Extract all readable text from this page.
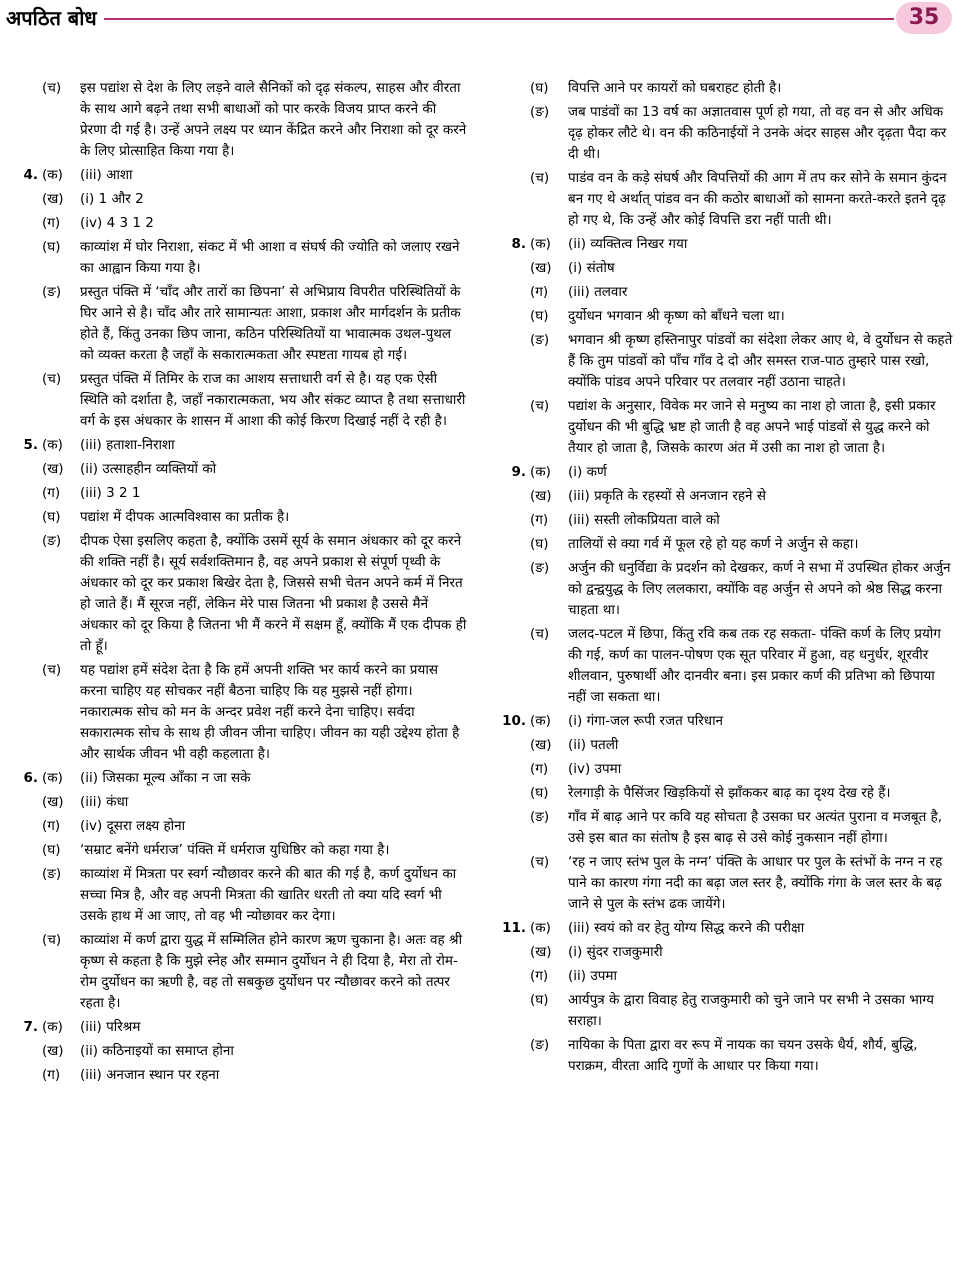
अपठित बोध	35
(च)	इस पद्यांश से देश के लिए लड़ने वाले सैनिकों को दृढ़ संकल्प, साहस और वीरता के साथ आगे बढ़ने तथा सभी बाधाओं को पार करके विजय प्राप्त करने की प्रेरणा दी गई है। उन्हें अपने लक्ष्य पर ध्यान केंद्रित करने और निराशा को दूर करने के लिए प्रोत्साहित किया गया है।
4. (क)	(iii) आशा
(ख)	(i) 1 और 2
(ग)	(iv) 4 3 1 2
(घ)	काव्यांश में घोर निराशा, संकट में भी आशा व संघर्ष की ज्योति को जलाए रखने का आह्वान किया गया है।
(ङ)	प्रस्तुत पंक्ति में ‘चाँद और तारों का छिपना’ से अभिप्राय विपरीत परिस्थितियों के घिर आने से है। चाँद और तारे सामान्यतः आशा, प्रकाश और मार्गदर्शन के प्रतीक होते हैं, किंतु उनका छिप जाना, कठिन परिस्थितियों या भावात्मक उथल-पुथल को व्यक्त करता है जहाँ के सकारात्मकता और स्पष्टता गायब हो गई।
(च)	प्रस्तुत पंक्ति में तिमिर के राज का आशय सत्ताधारी वर्ग से है। यह एक ऐसी स्थिति को दर्शाता है, जहाँ नकारात्मकता, भय और संकट व्याप्त है तथा सत्ताधारी वर्ग के इस अंधकार के शासन में आशा की कोई किरण दिखाई नहीं दे रही है।
5. (क)	(iii) हताशा-निराशा
(ख)	(ii) उत्साहहीन व्यक्तियों को
(ग)	(iii) 3 2 1
(घ)	पद्यांश में दीपक आत्मविश्वास का प्रतीक है।
(ङ)	दीपक ऐसा इसलिए कहता है, क्योंकि उसमें सूर्य के समान अंधकार को दूर करने की शक्ति नहीं है। सूर्य सर्वशक्तिमान है, वह अपने प्रकाश से संपूर्ण पृथ्वी के अंधकार को दूर कर प्रकाश बिखेर देता है, जिससे सभी चेतन अपने कर्म में निरत हो जाते हैं। मैं सूरज नहीं, लेकिन मेरे पास जितना भी प्रकाश है उससे मैनें अंधकार को दूर किया है जितना भी मैं करने में सक्षम हूँ, क्योंकि मैं एक दीपक ही तो हूँ।
(च)	यह पद्यांश हमें संदेश देता है कि हमें अपनी शक्ति भर कार्य करने का प्रयास करना चाहिए यह सोचकर नहीं बैठना चाहिए कि यह मुझसे नहीं होगा। नकारात्मक सोच को मन के अन्दर प्रवेश नहीं करने देना चाहिए। सर्वदा सकारात्मक सोच के साथ ही जीवन जीना चाहिए। जीवन का यही उद्देश्य होता है और सार्थक जीवन भी वही कहलाता है।
6. (क)	(ii) जिसका मूल्य आँका न जा सके
(ख)	(iii) कंधा
(ग)	(iv) दूसरा लक्ष्य होना
(घ)	‘सम्राट बनेंगे धर्मराज’ पंक्ति में धर्मराज युधिष्ठिर को कहा गया है।
(ङ)	काव्यांश में मित्रता पर स्वर्ग न्यौछावर करने की बात की गई है, कर्ण दुर्योधन का सच्चा मित्र है, और वह अपनी मित्रता की खातिर धरती तो क्या यदि स्वर्ग भी उसके हाथ में आ जाए, तो वह भी न्योछावर कर देगा।
(च)	काव्यांश में कर्ण द्वारा युद्ध में सम्मिलित होने कारण ऋण चुकाना है। अतः वह श्री कृष्ण से कहता है कि मुझे स्नेह और सम्मान दुर्योधन ने ही दिया है, मेरा तो रोम-रोम दुर्योधन का ऋणी है, वह तो सबकुछ दुर्योधन पर न्यौछावर करने को तत्पर रहता है।
7. (क)	(iii) परिश्रम
(ख)	(ii) कठिनाइयों का समाप्त होना
(ग)	(iii) अनजान स्थान पर रहना
(घ)	विपत्ति आने पर कायरों को घबराहट होती है।
(ङ)	जब पाडंवों का 13 वर्ष का अज्ञातवास पूर्ण हो गया, तो वह वन से और अधिक दृढ़ होकर लौटे थे। वन की कठिनाईयों ने उनके अंदर साहस और दृढ़ता पैदा कर दी थी।
(च)	पाडंव वन के कड़े संघर्ष और विपत्तियों की आग में तप कर सोने के समान कुंदन बन गए थे अर्थात् पांडव वन की कठोर बाधाओं को सामना करते-करते इतने दृढ़ हो गए थे, कि उन्हें और कोई विपत्ति डरा नहीं पाती थी।
8. (क)	(ii) व्यक्तित्व निखर गया
(ख)	(i) संतोष
(ग)	(iii) तलवार
(घ)	दुर्योधन भगवान श्री कृष्ण को बाँधने चला था।
(ङ)	भगवान श्री कृष्ण हस्तिनापुर पांडवों का संदेशा लेकर आए थे, वे दुर्योधन से कहते हैं कि तुम पांडवों को पाँच गाँव दे दो और समस्त राज-पाठ तुम्हारे पास रखो, क्योंकि पांडव अपने परिवार पर तलवार नहीं उठाना चाहते।
(च)	पद्यांश के अनुसार, विवेक मर जाने से मनुष्य का नाश हो जाता है, इसी प्रकार दुर्योधन की भी बुद्धि भ्रष्ट हो जाती है वह अपने भाई पांडवों से युद्ध करने को तैयार हो जाता है, जिसके कारण अंत में उसी का नाश हो जाता है।
9. (क)	(i) कर्ण
(ख)	(iii) प्रकृति के रहस्यों से अनजान रहने से
(ग)	(iii) सस्ती लोकप्रियता वाले को
(घ)	तालियों से क्या गर्व में फूल रहे हो यह कर्ण ने अर्जुन से कहा।
(ङ)	अर्जुन की धनुर्विद्या के प्रदर्शन को देखकर, कर्ण ने सभा में उपस्थित होकर अर्जुन को द्वन्द्वयुद्ध के लिए ललकारा, क्योंकि वह अर्जुन से अपने को श्रेष्ठ सिद्ध करना चाहता था।
(च)	जलद-पटल में छिपा, किंतु रवि कब तक रह सकता- पंक्ति कर्ण के लिए प्रयोग की गई, कर्ण का पालन-पोषण एक सूत परिवार में हुआ, वह धनुर्धर, शूरवीर शीलवान, पुरुषार्थी और दानवीर बना। इस प्रकार कर्ण की प्रतिभा को छिपाया नहीं जा सकता था।
10. (क)	(i) गंगा-जल रूपी रजत परिधान
(ख)	(ii) पतली
(ग)	(iv) उपमा
(घ)	रेलगाड़ी के पैसिंजर खिड़कियों से झाँककर बाढ़ का दृश्य देख रहे हैं।
(ङ)	गाँव में बाढ़ आने पर कवि यह सोचता है उसका घर अत्यंत पुराना व मजबूत है, उसे इस बात का संतोष है इस बाढ़ से उसे कोई नुकसान नहीं होगा।
(च)	‘रह न जाए स्तंभ पुल के नग्न’ पंक्ति के आधार पर पुल के स्तंभों के नग्न न रह पाने का कारण गंगा नदी का बढ़ा जल स्तर है, क्योंकि गंगा के जल स्तर के बढ़ जाने से पुल के स्तंभ ढक जायेंगे।
11. (क)	(iii) स्वयं को वर हेतु योग्य सिद्ध करने की परीक्षा
(ख)	(i) सुंदर राजकुमारी
(ग)	(ii) उपमा
(घ)	आर्यपुत्र के द्वारा विवाह हेतु राजकुमारी को चुने जाने पर सभी ने उसका भाग्य सराहा।
(ङ)	नायिका के पिता द्वारा वर रूप में नायक का चयन उसके धैर्य, शौर्य, बुद्धि, पराक्रम, वीरता आदि गुणों के आधार पर किया गया।
